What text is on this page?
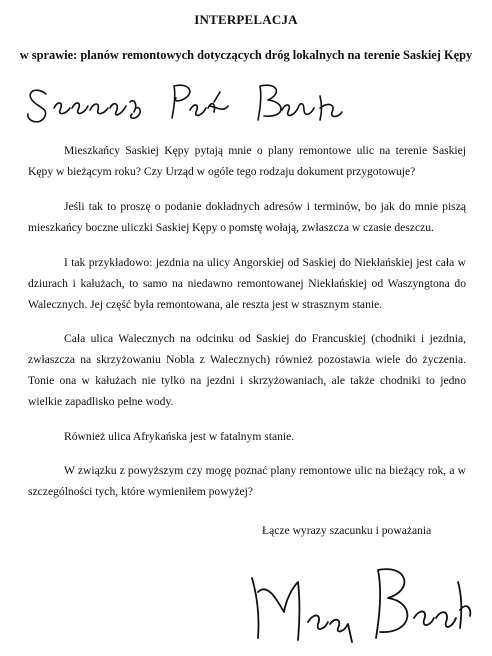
INTERPELACJA
w sprawie: planów remontowych dotyczących dróg lokalnych na terenie Saskiej Kępy

Mieszkańcy Saskiej Kępy pytają mnie o plany remontowe ulic na terenie Saskiej Kępy w bieżącym roku? Czy Urząd w ogóle tego rodzaju dokument przygotowuje?

Jeśli tak to proszę o podanie dokładnych adresów i terminów, bo jak do mnie piszą mieszkańcy boczne uliczki Saskiej Kępy o pomstę wołają, zwłaszcza w czasie deszczu.

I tak przykładowo: jezdnia na ulicy Angorskiej od Saskiej do Niekłańskiej jest cała w dziurach i kałużach, to samo na niedawno remontowanej Niekłańskiej od Waszyngtona do Walecznych. Jej część była remontowana, ale reszta jest w strasznym stanie.

Cała ulica Walecznych na odcinku od Saskiej do Francuskiej (chodniki i jezdnia, zwłaszcza na skrzyżowaniu Nobla z Walecznych) również pozostawia wiele do życzenia. Tonie ona w kałużach nie tylko na jezdni i skrzyżowaniach, ale także chodniki to jedno wielkie zapadlisko pełne wody.

Również ulica Afrykańska jest w fatalnym stanie.

W związku z powyższym czy mogę poznać plany remontowe ulic na bieżący rok, a w szczególności tych, które wymieniłem powyżej?

Łącze wyrazy szacunku i poważania
